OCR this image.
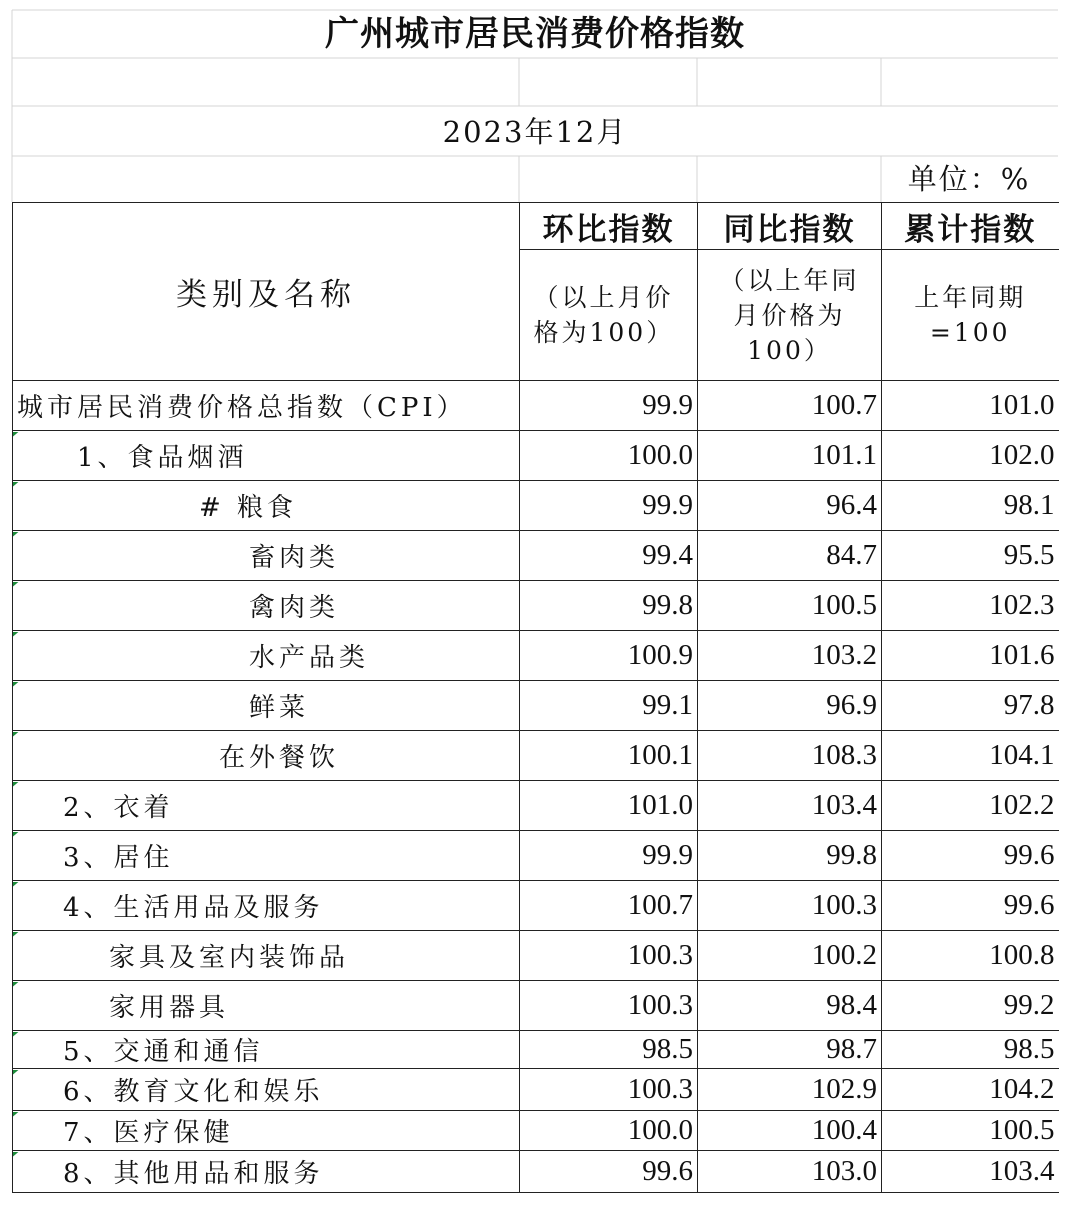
广州城市居民消费价格指数
2023年12月
单位：%
类别及名称	环比指数	同比指数	累计指数

	（以上月价格为100）	（以上年同月价格为100）	上年同期=100

城市居民消费价格总指数（CPI）	99.9	100.7	101.0
1、食品烟酒	100.0	101.1	102.0
# 粮食	99.9	96.4	98.1
畜肉类	99.4	84.7	95.5
禽肉类	99.8	100.5	102.3
水产品类	100.9	103.2	101.6
鲜菜	99.1	96.9	97.8
在外餐饮	100.1	108.3	104.1
2、衣着	101.0	103.4	102.2
3、居住	99.9	99.8	99.6
4、生活用品及服务	100.7	100.3	99.6
家具及室内装饰品	100.3	100.2	100.8
家用器具	100.3	98.4	99.2
5、交通和通信	98.5	98.7	98.5
6、教育文化和娱乐	100.3	102.9	104.2
7、医疗保健	100.0	100.4	100.5
8、其他用品和服务	99.6	103.0	103.4
